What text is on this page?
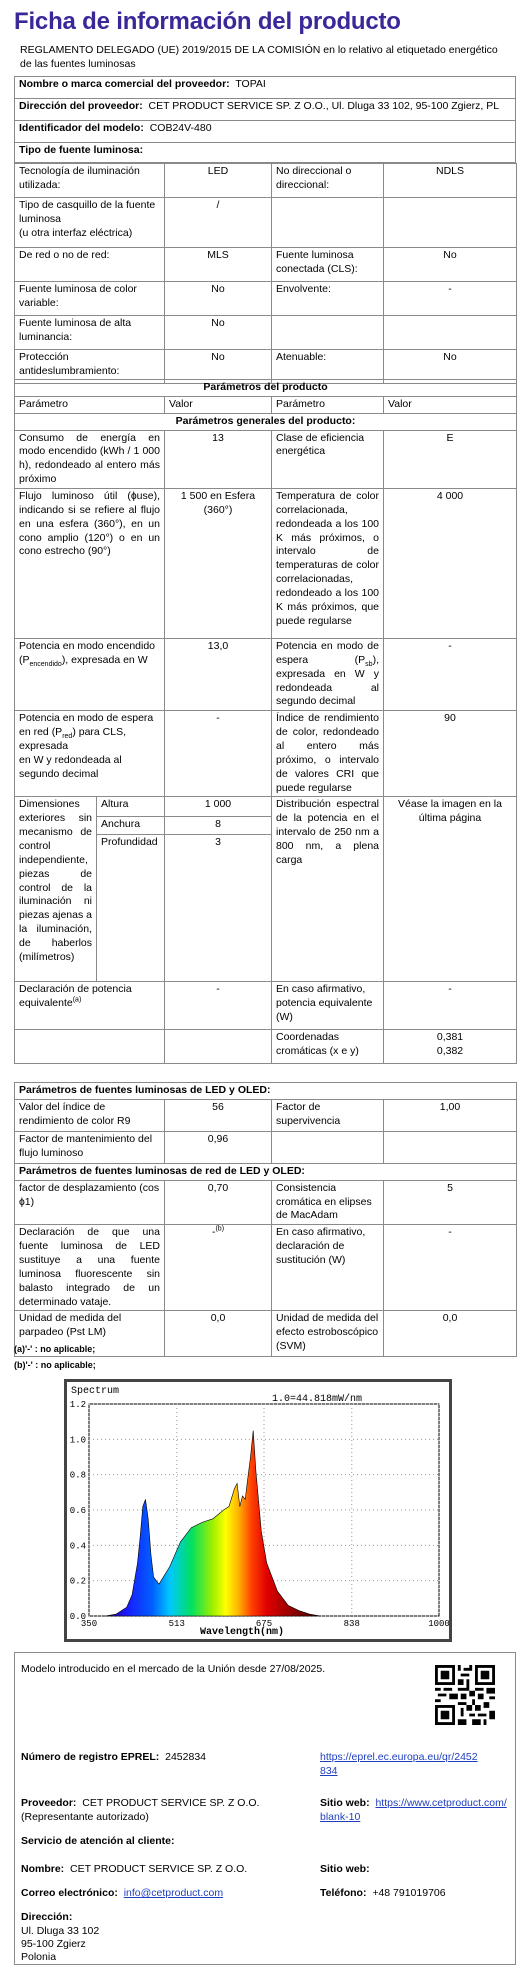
Ficha de información del producto
REGLAMENTO DELEGADO (UE) 2019/2015 DE LA COMISIÓN en lo relativo al etiquetado energético de las fuentes luminosas
Nombre o marca comercial del proveedor: TOPAI
Dirección del proveedor: CET PRODUCT SERVICE SP. Z O.O., Ul. Dluga 33 102, 95-100 Zgierz, PL
Identificador del modelo: COB24V-480
Tipo de fuente luminosa:
Tecnología de iluminación utilizada:	LED	No direccional o direccional:	NDLS

Tipo de casquillo de la fuente luminosa
(u otra interfaz eléctrica)	/		
De red o no de red:	MLS	Fuente luminosa conectada (CLS):	No
Fuente luminosa de color variable:	No	Envolvente:	-
Fuente luminosa de alta luminancia:	No		
Protección antideslumbramiento:	No	Atenuable:	No
Parámetros del producto				
Parámetro		Valor	Parámetro	Valor
Parámetros generales del producto:				
Consumo de energía en modo encendido (kWh / 1 000 h), redondeado al entero más próximo		13	Clase de eficiencia energética	E
Flujo luminoso útil (ɸuse), indicando si se refiere al flujo en una esfera (360°), en un cono amplio (120°) o en un cono estrecho (90°)		1 500 en Esfera (360°)	Temperatura de color correlacionada, redondeada a los 100 K más próximos, o intervalo de temperaturas de color correlacionadas, redondeado a los 100 K más próximos, que puede regularse	4 000
Potencia en modo encendido $(P_{encendido})$, expresada en W		13,0	Potencia en modo de espera $(P_{sb})$, expresada en W y redondeada al segundo decimal	-
Potencia en modo de espera en red $(P_{red})$ para CLS, expresada
en W y redondeada al segundo decimal		-	Índice de rendimiento de color, redondeado al entero más próximo, o intervalo de valores CRI que puede regularse	90
Dimensiones exteriores sin mecanismo de control independiente, piezas de control de la iluminación ni piezas ajenas a la iluminación, de haberlos (milímetros)	Altura	1 000	Distribución espectral de la potencia en el intervalo de 250 nm a 800 nm, a plena carga	Véase la imagen en la última página
	Anchura	8		
	Profundidad	3		
Declaración de potencia equivalente$^{(a)}$		-	En caso afirmativo, potencia equivalente (W)	-
			Coordenadas cromáticas (x e y)	0,381
0,382
Parámetros de fuentes luminosas de LED y OLED:			
Valor del índice de rendimiento de color R9	56	Factor de supervivencia	1,00
Factor de mantenimiento del flujo luminoso	0,96		
Parámetros de fuentes luminosas de red de LED y OLED:			
factor de desplazamiento (cos ɸ1)	0,70	Consistencia cromática en elipses de MacAdam	5
Declaración de que una fuente luminosa de LED sustituye a una fuente luminosa fluorescente sin balasto integrado de un determinado vataje.	-$^{(b)}$	En caso afirmativo, declaración de sustitución (W)	-
Unidad de medida del parpadeo (Pst LM)	0,0	Unidad de medida del efecto estroboscópico (SVM)	0,0
(a)'-' : no aplicable;
(b)'-' : no aplicable;
0.0
0.2
0.4
0.6
0.8
1.0
1.2
350	513	675	838	1000
Spectrum
1.0=44.818mW/nm
Wavelength(nm)
Modelo introducido en el mercado de la Unión desde 27/08/2025.
Número de registro EPREL: 2452834	https://eprel.ec.europa.eu/qr/2452834
Proveedor: CET PRODUCT SERVICE SP. Z O.O. (Representante autorizado)
Sitio web: https://www.cetproduct.com/blank-10
Servicio de atención al cliente:
Nombre: CET PRODUCT SERVICE SP. Z O.O.	Sitio web:
Correo electrónico: info@cetproduct.com	Teléfono: +48 791019706
Dirección:
Ul. Dluga 33 102
95-100 Zgierz
Polonia
